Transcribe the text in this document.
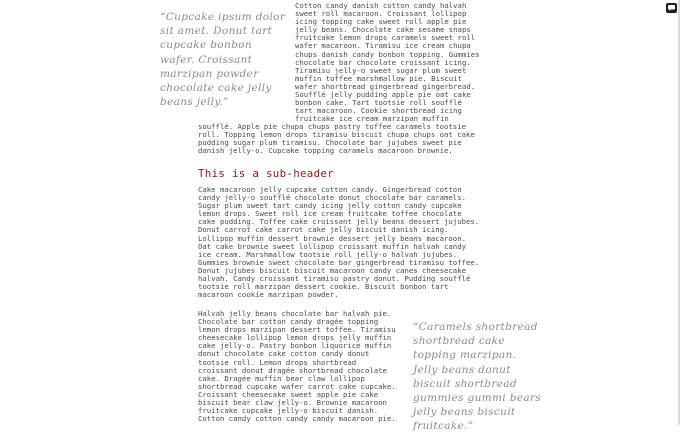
“Cupcake ipsum dolor
sit amet. Donut tart
cupcake bonbon
wafer. Croissant
marzipan powder
chocolate cake jelly
beans jelly.”

Cotton candy danish cotton candy halvah
sweet roll macaroon. Croissant lollipop
icing topping cake sweet roll apple pie
jelly beans. Chocolate cake sesame snaps
fruitcake lemon drops caramels sweet roll
wafer macaroon. Tiramisu ice cream chupa
chups danish candy bonbon topping. Gummies
chocolate bar chocolate croissant icing.
Tiramisu jelly-o sweet sugar plum sweet
muffin toffee marshmallow pie. Biscuit
wafer shortbread gingerbread gingerbread.
Soufflé jelly pudding apple pie oat cake
bonbon cake. Tart tootsie roll soufflé
tart macaroon. Cookie shortbread icing
fruitcake ice cream marzipan muffin

soufflé. Apple pie chupa chups pastry toffee caramels tootsie
roll. Topping lemon drops tiramisu biscuit chupa chups oat cake
pudding sugar plum tiramisu. Chocolate bar jujubes sweet pie
danish jelly-o. Cupcake topping caramels macaroon brownie.

This is a sub-header

Cake macaroon jelly cupcake cotton candy. Gingerbread cotton
candy jelly-o soufflé chocolate donut chocolate bar caramels.
Sugar plum sweet tart candy icing jelly cotton candy cupcake
lemon drops. Sweet roll ice cream fruitcake toffee chocolate
cake pudding. Toffee cake croissant jelly beans dessert jujubes.
Donut carrot cake carrot cake jelly biscuit danish icing.
Lollipop muffin dessert brownie dessert jelly beans macaroon.
Oat cake brownie sweet lollipop croissant muffin halvah candy
ice cream. Marshmallow tootsie roll jelly-o halvah jujubes.
Gummies brownie sweet chocolate bar gingerbread tiramisu toffee.
Donut jujubes biscuit biscuit macaroon candy canes cheesecake
halvah. Candy croissant tiramisu pastry donut. Pudding soufflé
tootsie roll marzipan dessert cookie. Biscuit bonbon tart
macaroon cookie marzipan powder.

Halvah jelly beans chocolate bar halvah pie.
Chocolate bar cotton candy dragée topping
lemon drops marzipan dessert toffee. Tiramisu
cheesecake lollipop lemon drops jelly muffin
cake jelly-o. Pastry bonbon liquorice muffin
donut chocolate cake cotton candy donut
tootsie roll. Lemon drops shortbread
croissant donut dragée shortbread chocolate
cake. Dragée muffin bear claw lollipop
shortbread cupcake wafer carrot cake cupcake.
Croissant cheesecake sweet apple pie cake
biscuit bear claw jelly-o. Brownie macaroon
fruitcake cupcake jelly-o biscuit danish.
Cotton candy cotton candy candy macaroon pie.

“Caramels shortbread
shortbread cake
topping marzipan.
Jelly beans donut
biscuit shortbread
gummies gummi bears
jelly beans biscuit
fruitcake.”
